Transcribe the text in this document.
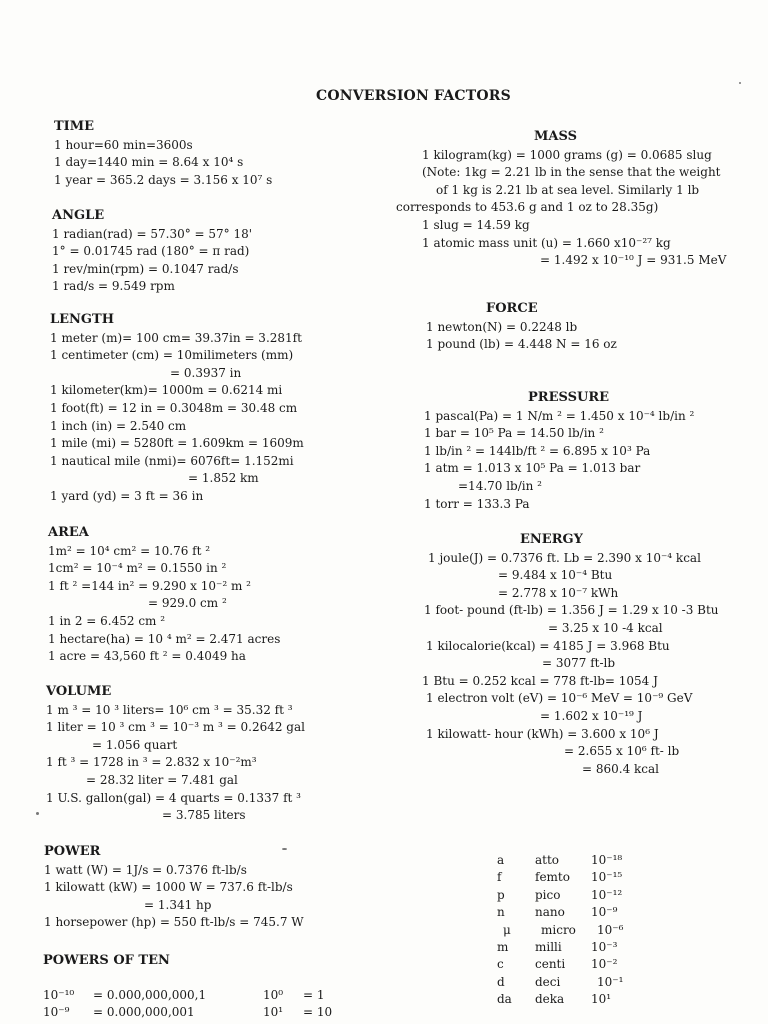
CONVERSION FACTORS
TIME
1 hour=60 min=3600s
1 day=1440 min = 8.64 x 10⁴ s
1 year = 365.2 days = 3.156 x 10⁷ s
ANGLE
1 radian(rad) = 57.30° = 57° 18'
1° = 0.01745 rad (180° = π rad)
1 rev/min(rpm) = 0.1047 rad/s
1 rad/s = 9.549 rpm
LENGTH
1 meter (m)= 100 cm= 39.37in = 3.281ft
1 centimeter (cm) = 10milimeters (mm)
= 0.3937 in
1 kilometer(km)= 1000m = 0.6214 mi
1 foot(ft) = 12 in = 0.3048m = 30.48 cm
1 inch (in) = 2.540 cm
1 mile (mi) = 5280ft = 1.609km = 1609m
1 nautical mile (nmi)= 6076ft= 1.152mi
= 1.852 km
1 yard (yd) = 3 ft = 36 in
AREA
1m² = 10⁴ cm² = 10.76 ft ²
1cm² = 10⁻⁴ m² = 0.1550 in ²
1 ft ² =144 in² = 9.290 x 10⁻² m ²
= 929.0 cm ²
1 in 2 = 6.452 cm ²
1 hectare(ha) = 10 ⁴ m² = 2.471 acres
1 acre = 43,560 ft ² = 0.4049 ha
VOLUME
1 m ³ = 10 ³ liters= 10⁶ cm ³ = 35.32 ft ³
1 liter = 10 ³ cm ³ = 10⁻³ m ³ = 0.2642 gal
= 1.056 quart
1 ft ³ = 1728 in ³ = 2.832 x 10⁻²m³
= 28.32 liter = 7.481 gal
1 U.S. gallon(gal) = 4 quarts = 0.1337 ft ³
= 3.785 liters
POWER
1 watt (W) = 1J/s = 0.7376 ft-lb/s
1 kilowatt (kW) = 1000 W = 737.6 ft-lb/s
= 1.341 hp
1 horsepower (hp) = 550 ft-lb/s = 745.7 W
POWERS OF TEN
10⁻¹⁰	= 0.000,000,000,1	10⁰	= 1
10⁻⁹	= 0.000,000,001	10¹	= 10
MASS
1 kilogram(kg) = 1000 grams (g) = 0.0685 slug
(Note: 1kg = 2.21 lb in the sense that the weight
of 1 kg is 2.21 lb at sea level. Similarly 1 lb
corresponds to 453.6 g and 1 oz to 28.35g)
1 slug = 14.59 kg
1 atomic mass unit (u) = 1.660 x10⁻²⁷ kg
= 1.492 x 10⁻¹⁰ J = 931.5 MeV
FORCE
1 newton(N) = 0.2248 lb
1 pound (lb) = 4.448 N = 16 oz
PRESSURE
1 pascal(Pa) = 1 N/m ² = 1.450 x 10⁻⁴ lb/in ²
1 bar = 10⁵ Pa = 14.50 lb/in ²
1 lb/in ² = 144lb/ft ² = 6.895 x 10³ Pa
1 atm = 1.013 x 10⁵ Pa = 1.013 bar
=14.70 lb/in ²
1 torr = 133.3 Pa
ENERGY
1 joule(J) = 0.7376 ft. Lb = 2.390 x 10⁻⁴ kcal
= 9.484 x 10⁻⁴ Btu
= 2.778 x 10⁻⁷ kWh
1 foot- pound (ft-lb) = 1.356 J = 1.29 x 10 -3 Btu
= 3.25 x 10 -4 kcal
1 kilocalorie(kcal) = 4185 J = 3.968 Btu
= 3077 ft-lb
1 Btu = 0.252 kcal = 778 ft-lb= 1054 J
1 electron volt (eV) = 10⁻⁶ MeV = 10⁻⁹ GeV
= 1.602 x 10⁻¹⁹ J
1 kilowatt- hour (kWh) = 3.600 x 10⁶ J
= 2.655 x 10⁶ ft- lb
= 860.4 kcal
a	atto	10⁻¹⁸
f	femto	10⁻¹⁵
p	pico	10⁻¹²
n	nano	10⁻⁹
μ	micro	10⁻⁶
m	milli	10⁻³
c	centi	10⁻²
d	deci	10⁻¹
da	deka	10¹
